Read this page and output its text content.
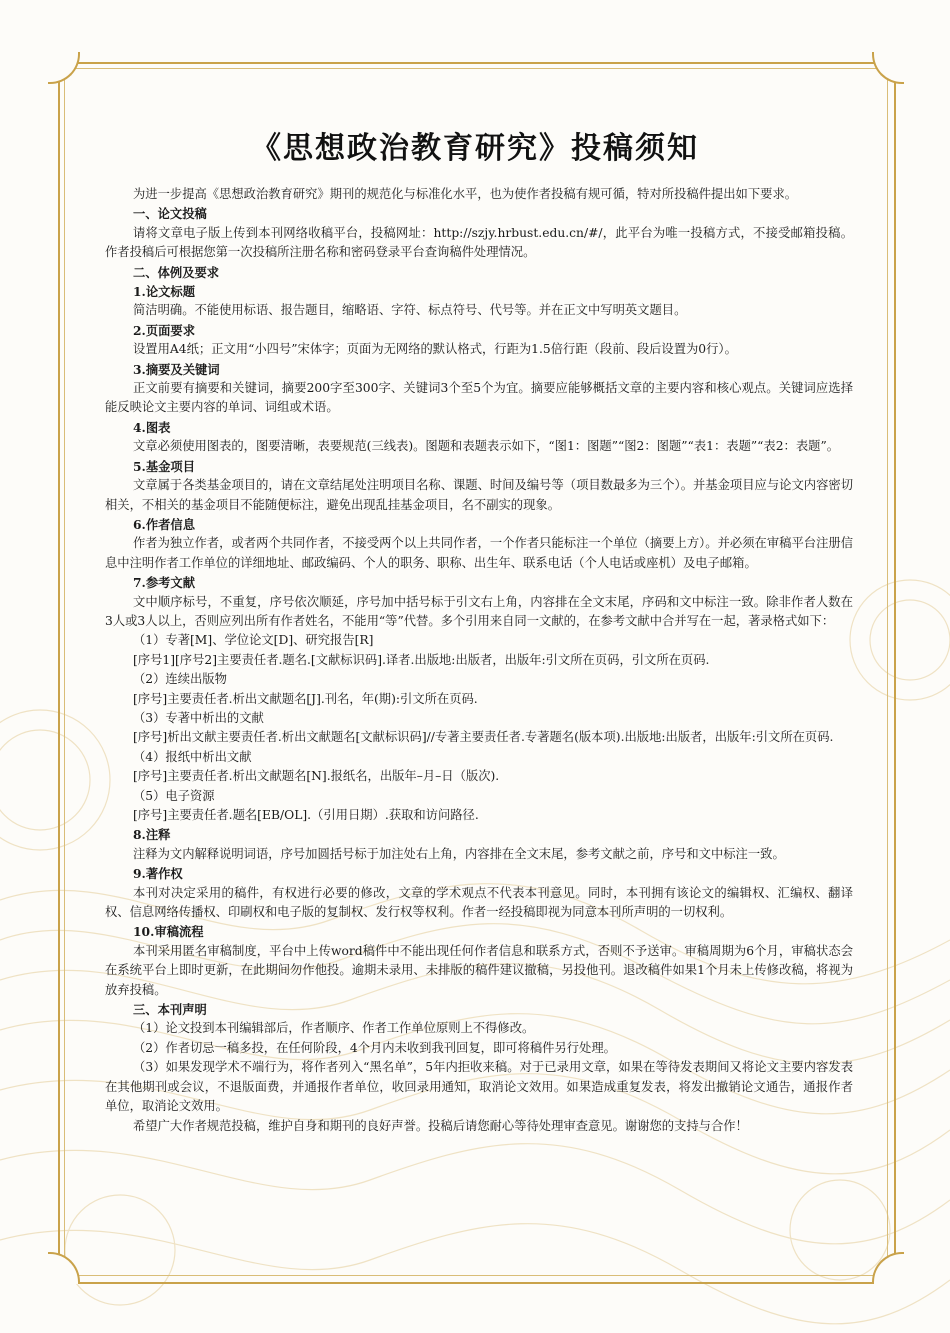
《思想政治教育研究》投稿须知

为进一步提高《思想政治教育研究》期刊的规范化与标准化水平，也为使作者投稿有规可循，特对所投稿件提出如下要求。

一、论文投稿

请将文章电子版上传到本刊网络收稿平台，投稿网址：http://szjy.hrbust.edu.cn/#/，此平台为唯一投稿方式，不接受邮箱投稿。作者投稿后可根据您第一次投稿所注册名称和密码登录平台查询稿件处理情况。

二、体例及要求

1.论文标题

简洁明确。不能使用标语、报告题目，缩略语、字符、标点符号、代号等。并在正文中写明英文题目。

2.页面要求

设置用A4纸；正文用“小四号”宋体字；页面为无网络的默认格式，行距为1.5倍行距（段前、段后设置为0行）。

3.摘要及关键词

正文前要有摘要和关键词，摘要200字至300字、关键词3个至5个为宜。摘要应能够概括文章的主要内容和核心观点。关键词应选择能反映论文主要内容的单词、词组或术语。

4.图表

文章必须使用图表的，图要清晰，表要规范(三线表)。图题和表题表示如下，“图1：图题”“图2：图题”“表1：表题”“表2：表题”。

5.基金项目

文章属于各类基金项目的，请在文章结尾处注明项目名称、课题、时间及编号等（项目数最多为三个）。并基金项目应与论文内容密切相关，不相关的基金项目不能随便标注，避免出现乱挂基金项目，名不副实的现象。

6.作者信息

作者为独立作者，或者两个共同作者，不接受两个以上共同作者，一个作者只能标注一个单位（摘要上方）。并必须在审稿平台注册信息中注明作者工作单位的详细地址、邮政编码、个人的职务、职称、出生年、联系电话（个人电话或座机）及电子邮箱。

7.参考文献

文中顺序标号，不重复，序号依次顺延，序号加中括号标于引文右上角，内容排在全文末尾，序码和文中标注一致。除非作者人数在3人或3人以上，否则应列出所有作者姓名，不能用“等”代替。多个引用来自同一文献的，在参考文献中合并写在一起，著录格式如下：

（1）专著[M]、学位论文[D]、研究报告[R]

[序号1][序号2]主要责任者.题名.[文献标识码].译者.出版地:出版者，出版年:引文所在页码，引文所在页码.

（2）连续出版物

[序号]主要责任者.析出文献题名[J].刊名，年(期):引文所在页码.

（3）专著中析出的文献

[序号]析出文献主要责任者.析出文献题名[文献标识码]//专著主要责任者.专著题名(版本项).出版地:出版者，出版年:引文所在页码.

（4）报纸中析出文献

[序号]主要责任者.析出文献题名[N].报纸名，出版年–月–日（版次).

（5）电子资源

[序号]主要责任者.题名[EB/OL].（引用日期）.获取和访问路径.

8.注释

注释为文内解释说明词语，序号加圆括号标于加注处右上角，内容排在全文末尾，参考文献之前，序号和文中标注一致。

9.著作权

本刊对决定采用的稿件，有权进行必要的修改，文章的学术观点不代表本刊意见。同时，本刊拥有该论文的编辑权、汇编权、翻译权、信息网络传播权、印刷权和电子版的复制权、发行权等权利。作者一经投稿即视为同意本刊所声明的一切权利。

10.审稿流程

本刊采用匿名审稿制度，平台中上传word稿件中不能出现任何作者信息和联系方式，否则不予送审。审稿周期为6个月，审稿状态会在系统平台上即时更新，在此期间勿作他投。逾期未录用、未排版的稿件建议撤稿，另投他刊。退改稿件如果1个月未上传修改稿，将视为放弃投稿。

三、本刊声明

（1）论文投到本刊编辑部后，作者顺序、作者工作单位原则上不得修改。

（2）作者切忌一稿多投，在任何阶段，4个月内未收到我刊回复，即可将稿件另行处理。

（3）如果发现学术不端行为，将作者列入“黑名单”，5年内拒收来稿。对于已录用文章，如果在等待发表期间又将论文主要内容发表在其他期刊或会议，不退版面费，并通报作者单位，收回录用通知，取消论文效用。如果造成重复发表，将发出撤销论文通告，通报作者单位，取消论文效用。

希望广大作者规范投稿，维护自身和期刊的良好声誉。投稿后请您耐心等待处理审查意见。谢谢您的支持与合作！
